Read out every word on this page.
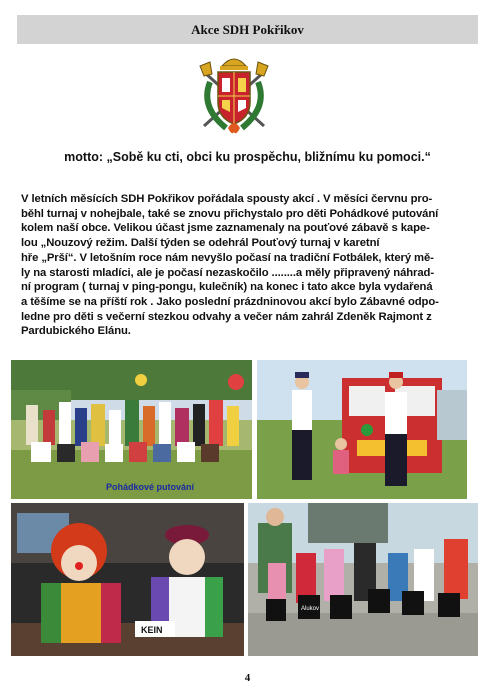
Akce SDH Pokřikov
motto: „Sobě ku cti, obci ku prospěchu, bližnímu ku pomoci.“
V letních měsících SDH Pokřikov pořádala spousty akcí . V měsíci červnu pro-
běhl turnaj v nohejbale, také se znovu přichystalo pro děti Pohádkové putování
kolem naší obce. Velikou účast jsme zaznamenaly na pouťové zábavě s kape-
lou „Nouzový režim. Další týden se odehrál Pouťový turnaj v karetní
hře „Prší“. V letošním roce nám nevyšlo počasí na tradiční Fotbálek, který mě-
ly na starosti mladíci, ale je počasí nezaskočilo ........a měly připravený náhrad-
ní program ( turnaj v ping-pongu, kulečník) na konec i tato akce byla vydařená
a těšíme se na příští rok . Jako poslední prázdninovou akcí bylo Zábavné odpo-
ledne pro děti s večerní stezkou odvahy a večer nám zahrál Zdeněk Rajmont z
Pardubického Elánu.
Pohádkové putování
KEIN
Alukov
4
